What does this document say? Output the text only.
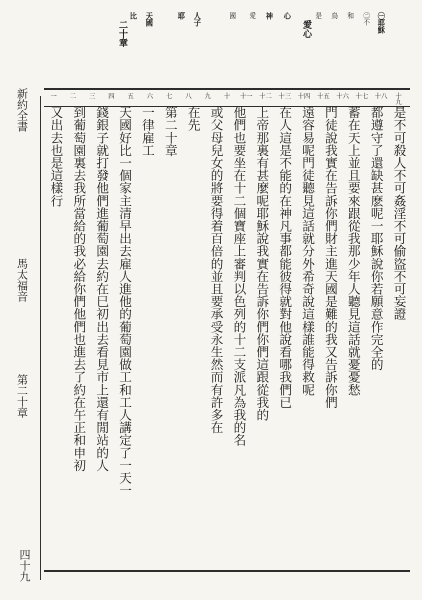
㊀耶穌
㊁不
和
鳥
是
心
神
愛
國
人子
耶
天國
比
二十章	愛心
十九
十八
十七
十六
十五
十四
十三
十二
十一
十
九
八
七
六
五
四
三
二
一
是不可殺人不可姦淫不可偷盜不可妄證
都遵守了還缺甚麽呢一耶穌說你若願意作完全的
蓄在天上並且要來跟從我那少年人聽見這話就憂憂愁
門徒說我實在告訴你們財主進天國是難的我又告訴你們
遠容易呢門徒聽見這話就分外希奇說這樣誰能得救呢
在人這是不能的在神凡事都能彼得就對他說看哪我們已
上帝那裏有甚麼呢耶穌說我實在告訴你們你們這跟從我的
他們也要坐在十二個寶座上審判以色列的十二支派凡為我的名
或父母兒女的將要得着百倍的並且要承受永生然而有許多在
在先
第二十章
一律雇工
天國好比一個家主清早出去雇人進他的葡萄園做工和工人講定了一天一
錢銀子就打發他們進葡萄園去約在巳初出去看見市上還有閒站的人
到葡萄園裏去我所當給的我必給你們他們也進去了約在午正和申初
又出去也是這樣行
新約全書
馬太福音
第二十章
四十九
